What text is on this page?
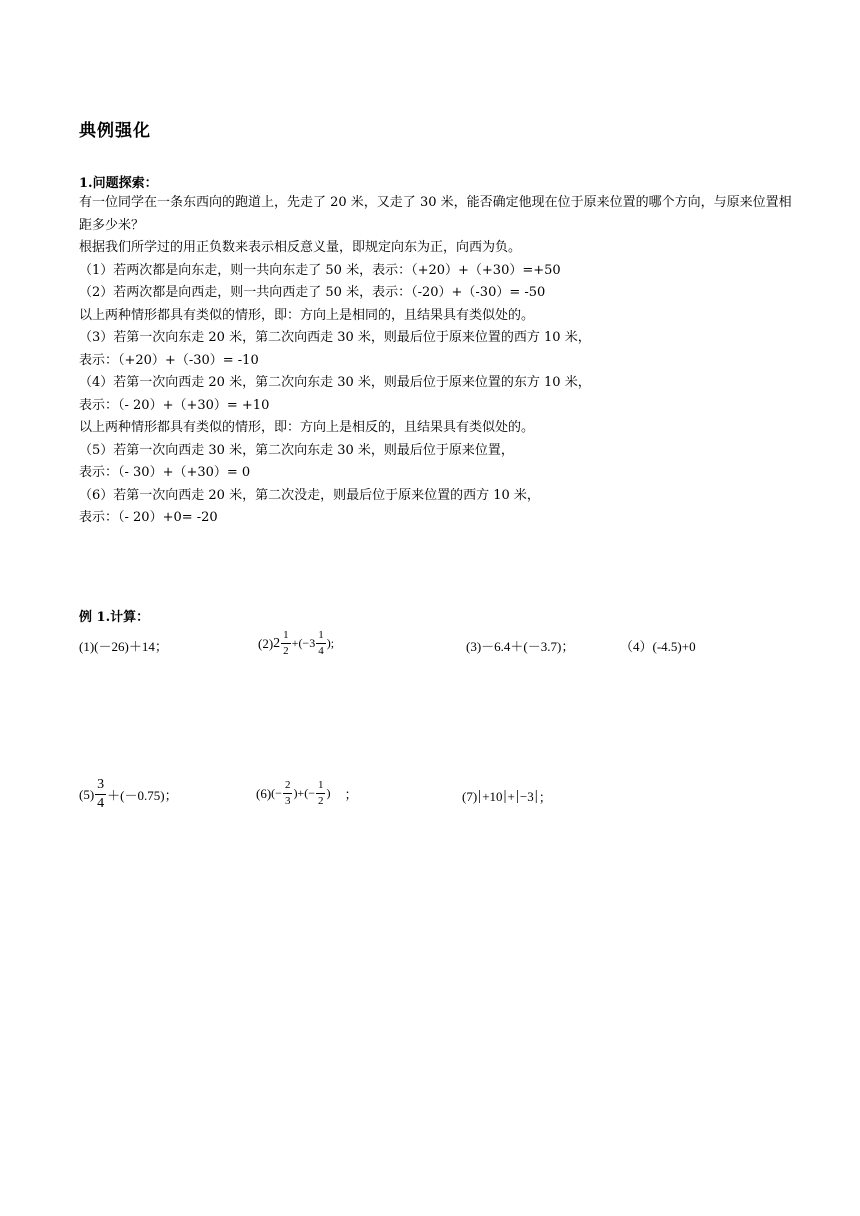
典例强化
1.问题探索：
有一位同学在一条东西向的跑道上，先走了 20 米，又走了 30 米，能否确定他现在位于原来位置的哪个方向，与原来位置相距多少米？
根据我们所学过的用正负数来表示相反意义量，即规定向东为正，向西为负。
（1）若两次都是向东走，则一共向东走了 50 米，表示：（+20）+（+30）=+50
（2）若两次都是向西走，则一共向西走了 50 米，表示：（-20）+（-30）= -50
以上两种情形都具有类似的情形，即：方向上是相同的，且结果具有类似处的。
（3）若第一次向东走 20 米，第二次向西走 30 米，则最后位于原来位置的西方 10 米，
表示：（+20）+（-30）= -10
（4）若第一次向西走 20 米，第二次向东走 30 米，则最后位于原来位置的东方 10 米，
表示：（- 20）+（+30）= +10
以上两种情形都具有类似的情形，即：方向上是相反的，且结果具有类似处的。
（5）若第一次向西走 30 米，第二次向东走 30 米，则最后位于原来位置，
表示：（- 30）+（+30）= 0
（6）若第一次向西走 20 米，第二次没走，则最后位于原来位置的西方 10 米，
表示：（- 20）+0= -20
例 1.计算：
(1)(－26)＋14；	(2) $2 \frac{1}{2} +(-3 \frac{1}{4}$ );	(3)－6.4＋(－3.7)；	（4）(-4.5)+0
$(5) \frac{3}{4} +(-0.75)$；	(6) (− $\frac{2}{3}$ )+(− $\frac{1}{2}$ ) ；	(7) | +10 | + | −3 | ；
